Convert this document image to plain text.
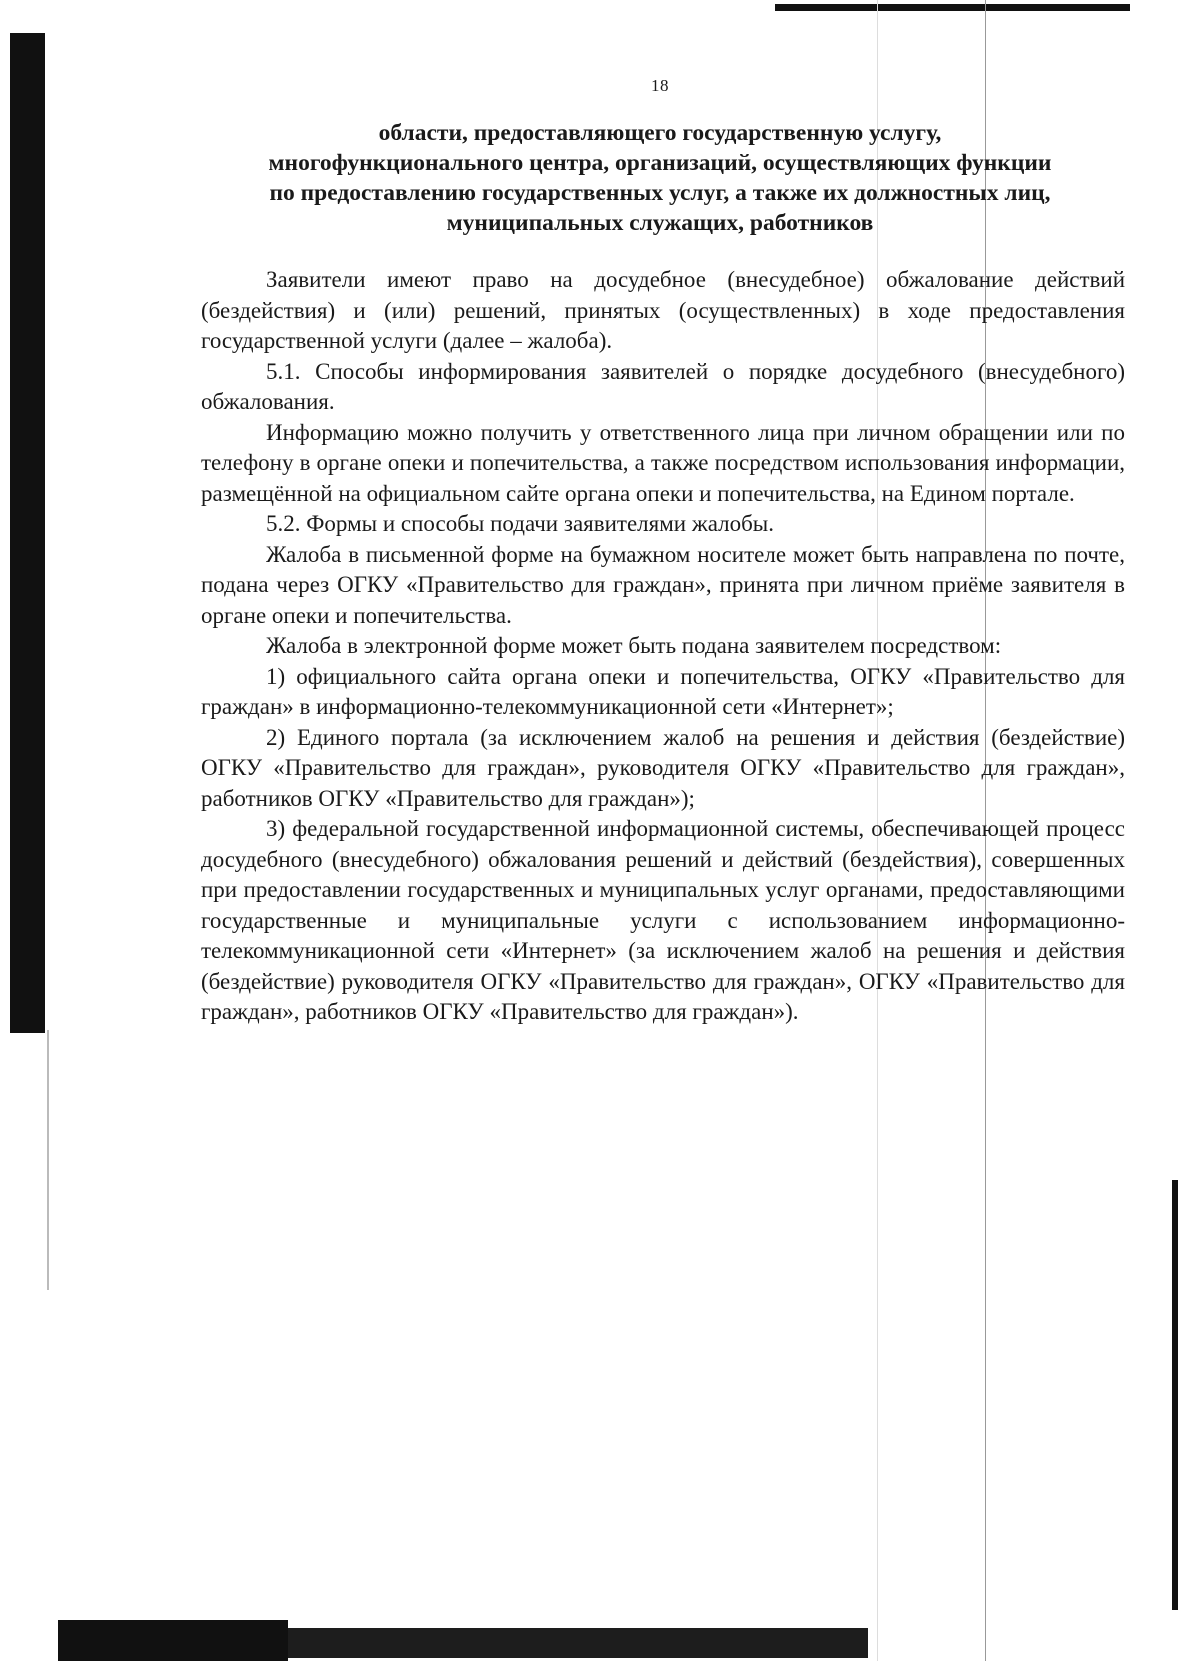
18
области, предоставляющего государственную услугу,
многофункционального центра, организаций, осуществляющих функции
по предоставлению государственных услуг, а также их должностных лиц,
муниципальных служащих, работников

Заявители имеют право на досудебное (внесудебное) обжалование действий (бездействия) и (или) решений, принятых (осуществленных) в ходе предоставления государственной услуги (далее – жалоба).

5.1. Способы информирования заявителей о порядке досудебного (внесудебного) обжалования.

Информацию можно получить у ответственного лица при личном обращении или по телефону в органе опеки и попечительства, а также посредством использования информации, размещённой на официальном сайте органа опеки и попечительства, на Едином портале.

5.2. Формы и способы подачи заявителями жалобы.

Жалоба в письменной форме на бумажном носителе может быть направлена по почте, подана через ОГКУ «Правительство для граждан», принята при личном приёме заявителя в органе опеки и попечительства.

Жалоба в электронной форме может быть подана заявителем посредством:

1) официального сайта органа опеки и попечительства, ОГКУ «Правительство для граждан» в информационно-телекоммуникационной сети «Интернет»;

2) Единого портала (за исключением жалоб на решения и действия (бездействие) ОГКУ «Правительство для граждан», руководителя ОГКУ «Правительство для граждан», работников ОГКУ «Правительство для граждан»);

3) федеральной государственной информационной системы, обеспечивающей процесс досудебного (внесудебного) обжалования решений и действий (бездействия), совершенных при предоставлении государственных и муниципальных услуг органами, предоставляющими государственные и муниципальные услуги с использованием информационно-телекоммуникационной сети «Интернет» (за исключением жалоб на решения и действия (бездействие) руководителя ОГКУ «Правительство для граждан», ОГКУ «Правительство для граждан», работников ОГКУ «Правительство для граждан»).
